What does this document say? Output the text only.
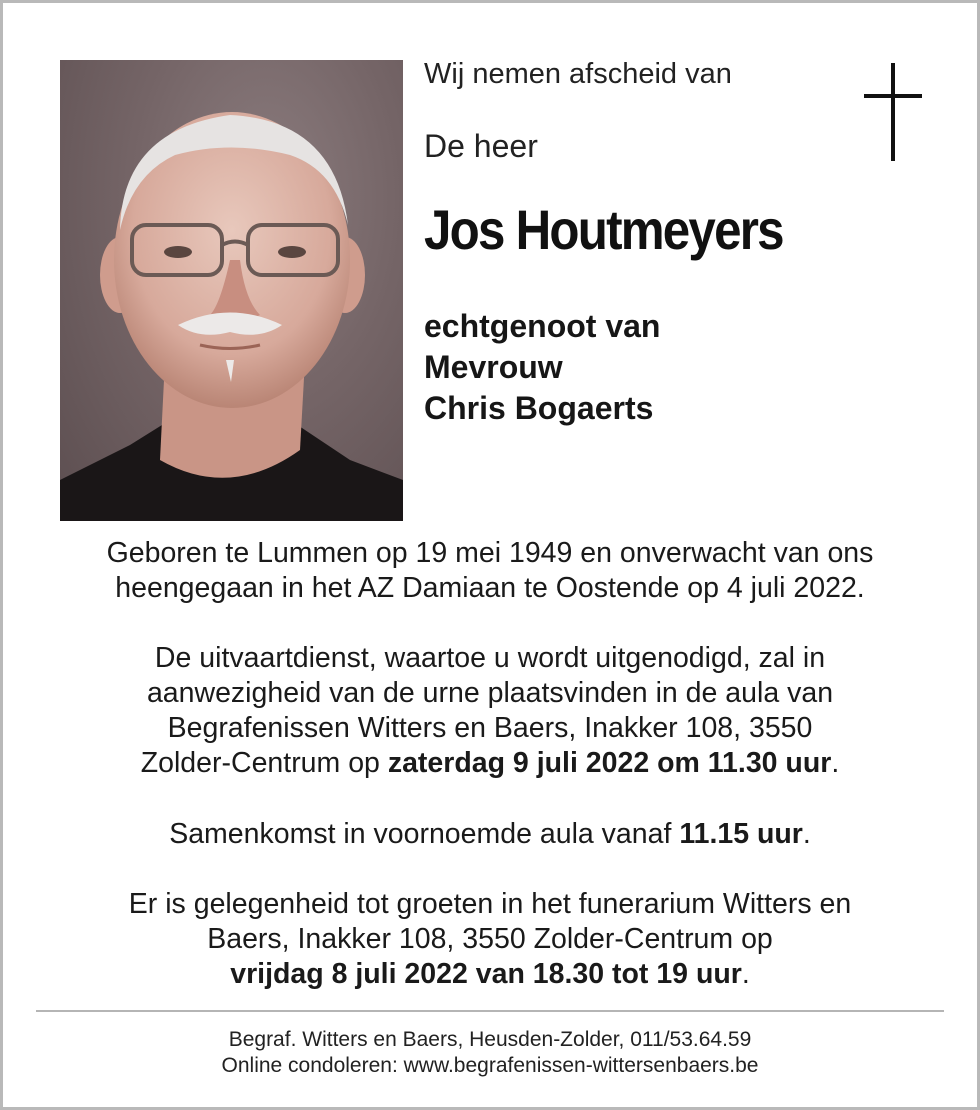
Wij nemen afscheid van
De heer
Jos Houtmeyers
echtgenoot van
Mevrouw
Chris Bogaerts
Geboren te Lummen op 19 mei 1949 en onverwacht van ons
heengegaan in het AZ Damiaan te Oostende op 4 juli 2022.
De uitvaartdienst, waartoe u wordt uitgenodigd, zal in
aanwezigheid van de urne plaatsvinden in de aula van
Begrafenissen Witters en Baers, Inakker 108, 3550
Zolder-Centrum op zaterdag 9 juli 2022 om 11.30 uur.
Samenkomst in voornoemde aula vanaf 11.15 uur.
Er is gelegenheid tot groeten in het funerarium Witters en
Baers, Inakker 108, 3550 Zolder-Centrum op
vrijdag 8 juli 2022 van 18.30 tot 19 uur.
Begraf. Witters en Baers, Heusden-Zolder, 011/53.64.59
Online condoleren: www.begrafenissen-wittersenbaers.be
